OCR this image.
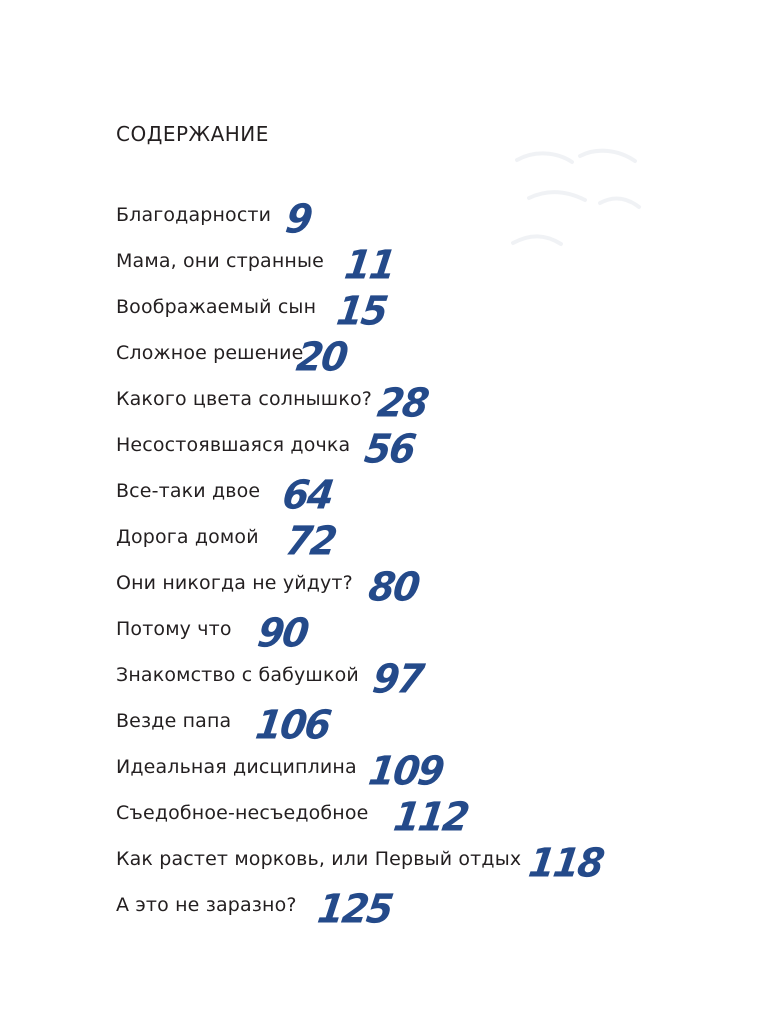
СОДЕРЖАНИЕ
Благодарности 9
Мама, они странные 11
Воображаемый сын 15
Сложное решение
20
Какого цвета солнышко? 28
Несостоявшаяся дочка 56
Все-таки двое 64
Дорога домой 72
Они никогда не уйдут? 80
Потому что 90
Знакомство с бабушкой 97
Везде папа 106
Идеальная дисциплина 109
Съедобное-несъедобное 112
Как растет морковь, или Первый отдых 118
А это не заразно? 125
